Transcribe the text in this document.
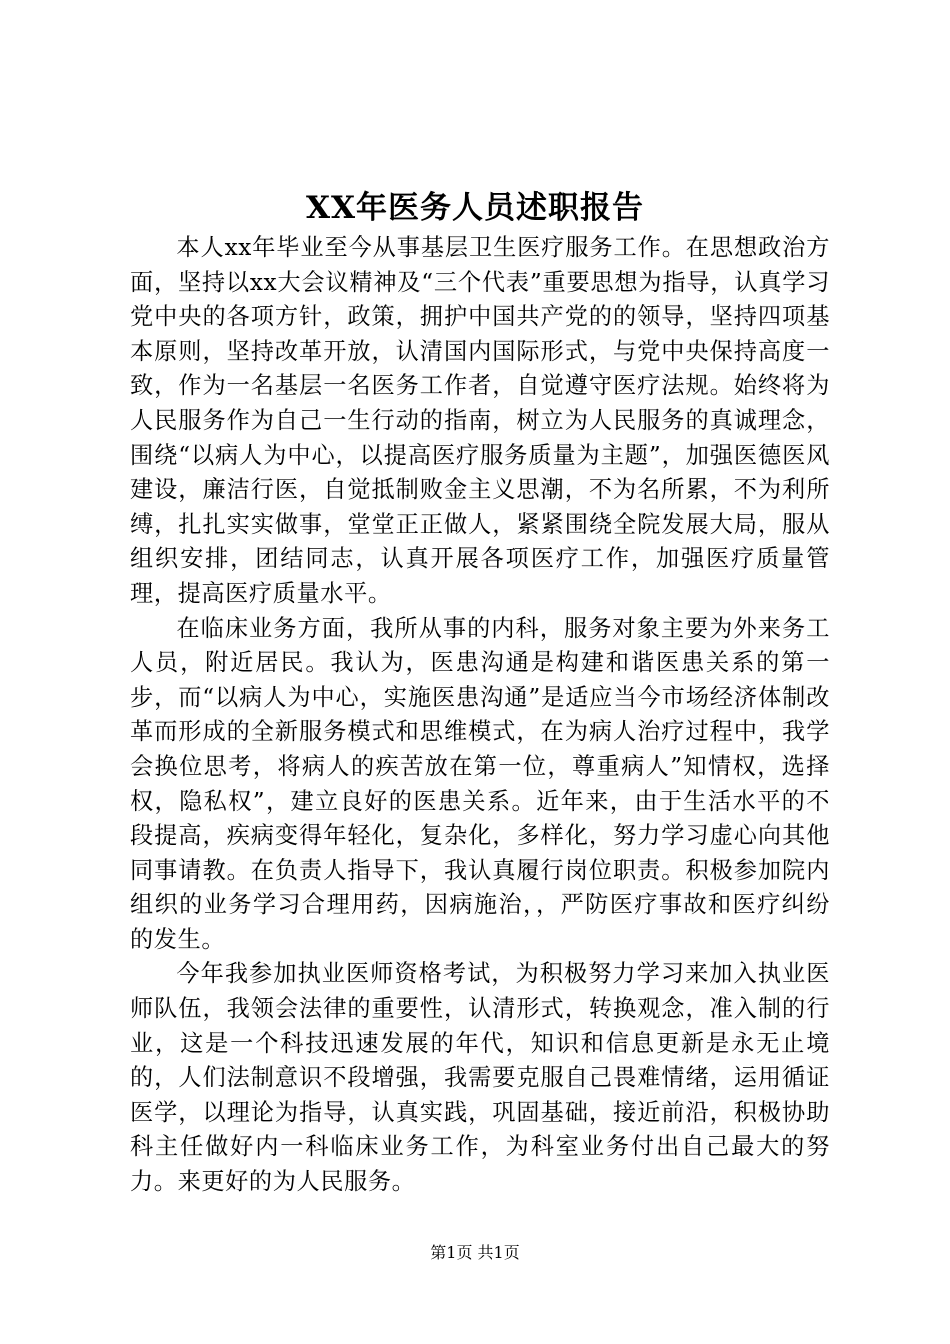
XX年医务人员述职报告

本人xx年毕业至今从事基层卫生医疗服务工作。在思想政治方面，坚持以xx大会议精神及“三个代表”重要思想为指导，认真学习党中央的各项方针，政策，拥护中国共产党的的领导，坚持四项基本原则，坚持改革开放，认清国内国际形式，与党中央保持高度一致，作为一名基层一名医务工作者，自觉遵守医疗法规。始终将为人民服务作为自己一生行动的指南，树立为人民服务的真诚理念，围绕“以病人为中心，以提高医疗服务质量为主题”，加强医德医风建设，廉洁行医，自觉抵制败金主义思潮，不为名所累，不为利所缚，扎扎实实做事，堂堂正正做人，紧紧围绕全院发展大局，服从组织安排，团结同志，认真开展各项医疗工作，加强医疗质量管理，提高医疗质量水平。

在临床业务方面，我所从事的内科，服务对象主要为外来务工人员，附近居民。我认为，医患沟通是构建和谐医患关系的第一步，而“以病人为中心，实施医患沟通”是适应当今市场经济体制改革而形成的全新服务模式和思维模式，在为病人治疗过程中，我学会换位思考，将病人的疾苦放在第一位，尊重病人”知情权，选择权，隐私权”，建立良好的医患关系。近年来，由于生活水平的不段提高，疾病变得年轻化，复杂化，多样化，努力学习虚心向其他同事请教。在负责人指导下，我认真履行岗位职责。积极参加院内组织的业务学习合理用药，因病施治，，严防医疗事故和医疗纠纷的发生。

今年我参加执业医师资格考试，为积极努力学习来加入执业医师队伍，我领会法律的重要性，认清形式，转换观念，准入制的行业，这是一个科技迅速发展的年代，知识和信息更新是永无止境的，人们法制意识不段增强，我需要克服自己畏难情绪，运用循证医学，以理论为指导，认真实践，巩固基础，接近前沿，积极协助科主任做好内一科临床业务工作，为科室业务付出自己最大的努力。来更好的为人民服务。

第1页 共1页
